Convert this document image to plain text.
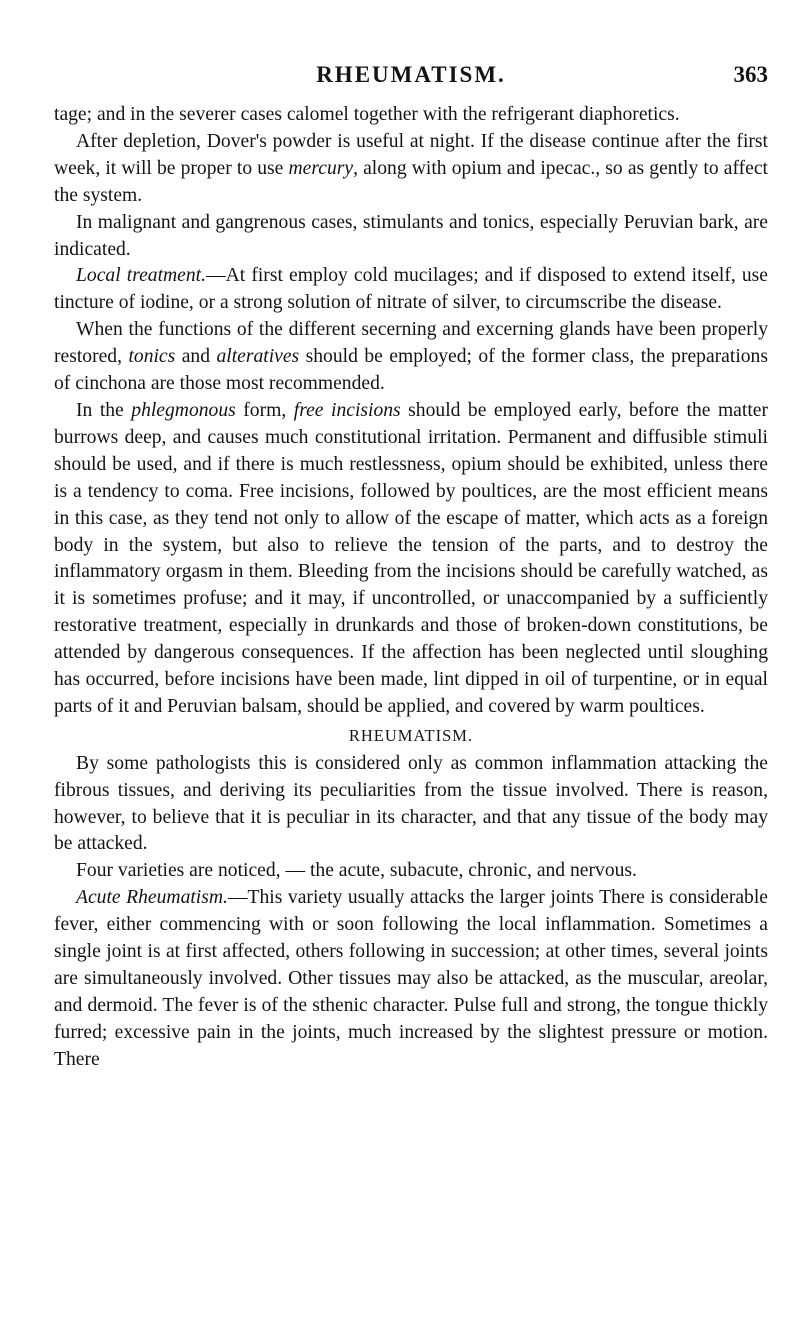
RHEUMATISM.	363

tage; and in the severer cases calomel together with the refrigerant diaphoretics.

After depletion, Dover's powder is useful at night. If the disease continue after the first week, it will be proper to use mercury, along with opium and ipecac., so as gently to affect the system.

In malignant and gangrenous cases, stimulants and tonics, especially Peruvian bark, are indicated.

Local treatment.—At first employ cold mucilages; and if disposed to extend itself, use tincture of iodine, or a strong solution of nitrate of silver, to circumscribe the disease.

When the functions of the different secerning and excerning glands have been properly restored, tonics and alteratives should be employed; of the former class, the preparations of cinchona are those most recommended.

In the phlegmonous form, free incisions should be employed early, before the matter burrows deep, and causes much constitutional irritation. Permanent and diffusible stimuli should be used, and if there is much restlessness, opium should be exhibited, unless there is a tendency to coma. Free incisions, followed by poultices, are the most efficient means in this case, as they tend not only to allow of the escape of matter, which acts as a foreign body in the system, but also to relieve the tension of the parts, and to destroy the inflammatory orgasm in them. Bleeding from the incisions should be carefully watched, as it is sometimes profuse; and it may, if uncontrolled, or unaccompanied by a sufficiently restorative treatment, especially in drunkards and those of broken-down constitutions, be attended by dangerous consequences. If the affection has been neglected until sloughing has occurred, before incisions have been made, lint dipped in oil of turpentine, or in equal parts of it and Peruvian balsam, should be applied, and covered by warm poultices.

RHEUMATISM.

By some pathologists this is considered only as common inflammation attacking the fibrous tissues, and deriving its peculiarities from the tissue involved. There is reason, however, to believe that it is peculiar in its character, and that any tissue of the body may be attacked.

Four varieties are noticed, — the acute, subacute, chronic, and nervous.

Acute Rheumatism.—This variety usually attacks the larger joints There is considerable fever, either commencing with or soon following the local inflammation. Sometimes a single joint is at first affected, others following in succession; at other times, several joints are simultaneously involved. Other tissues may also be attacked, as the muscular, areolar, and dermoid. The fever is of the sthenic character. Pulse full and strong, the tongue thickly furred; excessive pain in the joints, much increased by the slightest pressure or motion. There
